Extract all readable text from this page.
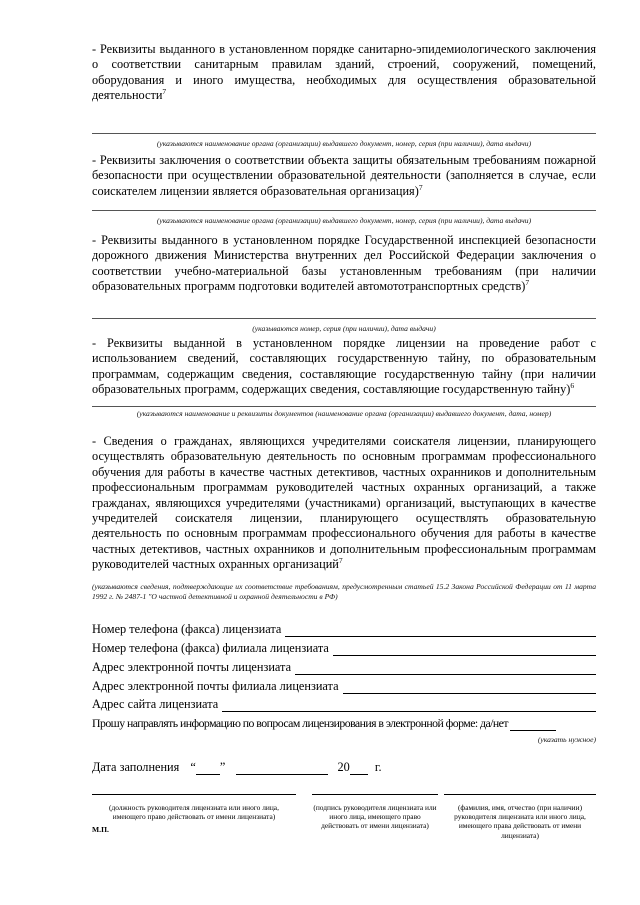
- Реквизиты выданного в установленном порядке санитарно-эпидемиологического заключения о соответствии санитарным правилам зданий, строений, сооружений, помещений, оборудования и иного имущества, необходимых для осуществления образовательной деятельности$^7$
(указываются наименование органа (организации) выдавшего документ, номер, серия (при наличии), дата выдачи)
- Реквизиты заключения о соответствии объекта защиты обязательным требованиям пожарной безопасности при осуществлении образовательной деятельности (заполняется в случае, если соискателем лицензии является образовательная организация)$^7$
(указываются наименование органа (организации) выдавшего документ, номер, серия (при наличии), дата выдачи)
- Реквизиты выданного в установленном порядке Государственной инспекцией безопасности дорожного движения Министерства внутренних дел Российской Федерации заключения о соответствии учебно-материальной базы установленным требованиям (при наличии образовательных программ подготовки водителей автомототранспортных средств)$^7$
(указываются номер, серия (при наличии), дата выдачи)
- Реквизиты выданной в установленном порядке лицензии на проведение работ с использованием сведений, составляющих государственную тайну, по образовательным программам, содержащим сведения, составляющие государственную тайну (при наличии образовательных программ, содержащих сведения, составляющие государственную тайну)$^6$
(указываются наименование и реквизиты документов (наименование органа (организации) выдавшего документ, дата, номер)
- Сведения о гражданах, являющихся учредителями соискателя лицензии, планирующего осуществлять образовательную деятельность по основным программам профессионального обучения для работы в качестве частных детективов, частных охранников и дополнительным профессиональным программам руководителей частных охранных организаций, а также гражданах, являющихся учредителями (участниками) организаций, выступающих в качестве учредителей соискателя лицензии, планирующего осуществлять образовательную деятельность по основным программам профессионального обучения для работы в качестве частных детективов, частных охранников и дополнительным профессиональным программам руководителей частных охранных организаций$^7$
(указываются сведения, подтверждающие их соответствие требованиям, предусмотренным статьей 15.2 Закона Российской Федерации от 11 марта 1992 г. № 2487-1 "О частной детективной и охранной деятельности в РФ)
Номер телефона (факса) лицензиата
Номер телефона (факса) филиала лицензиата
Адрес электронной почты лицензиата
Адрес электронной почты филиала лицензиата
Адрес сайта лицензиата
Прошу направлять информацию по вопросам лицензирования в электронной форме: да/нет
(указать нужное)
Дата заполнения “ ”	20 г.
(должность руководителя лицензиата или иного лица, имеющего право действовать от имени лицензиата)
(подпись руководителя лицензиата или иного лица, имеющего право действовать от имени лицензиата)
(фамилия, имя, отчество (при наличии) руководителя лицензиата или иного лица, имеющего права действовать от имени лицензиата)
М.П.
